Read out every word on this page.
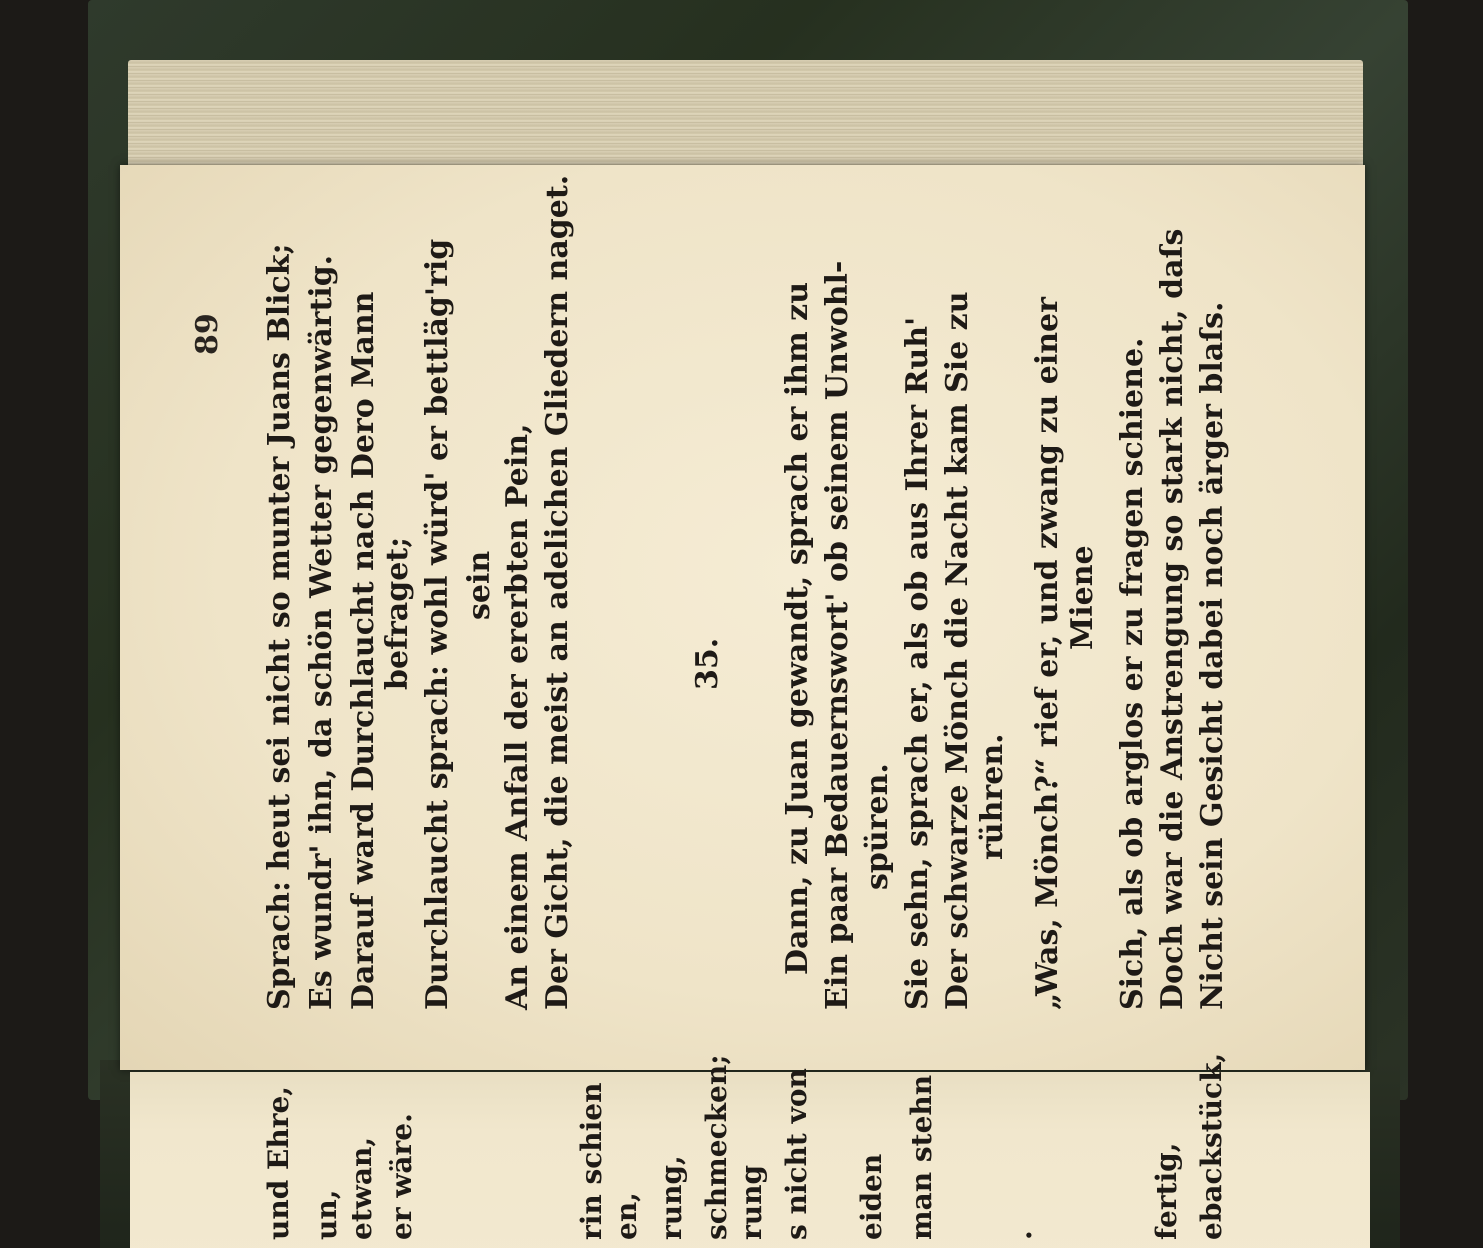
89 Sprach: heut sei nicht so munter Juans Blick; Es wundr' ihn, da schön Wetter gegenwärtig. Darauf ward Durchlaucht nach Dero Mann befraget; Durchlaucht sprach: wohl würd' er bettläg'rig sein An einem Anfall der ererbten Pein, Der Gicht, die meist an adelichen Gliedern naget.	35. Dann, zu Juan gewandt, sprach er ihm zu Ein paar Bedauernswort' ob seinem Unwohl- spüren. Sie sehn, sprach er, als ob aus Ihrer Ruh' Der schwarze Mönch die Nacht kam Sie zu rühren. „Was, Mönch?“ rief er, und zwang zu einer Miene Sich, als ob arglos er zu fragen schiene. Doch war die Anstrengung so stark nicht, daſs Nicht sein Gesicht dabei noch ärger blaſs.
und Ehre, un, etwan, er wäre.	rin schien en, rung, schmecken; rung s nicht von eiden man stehn .	fertig, ebackstück,
